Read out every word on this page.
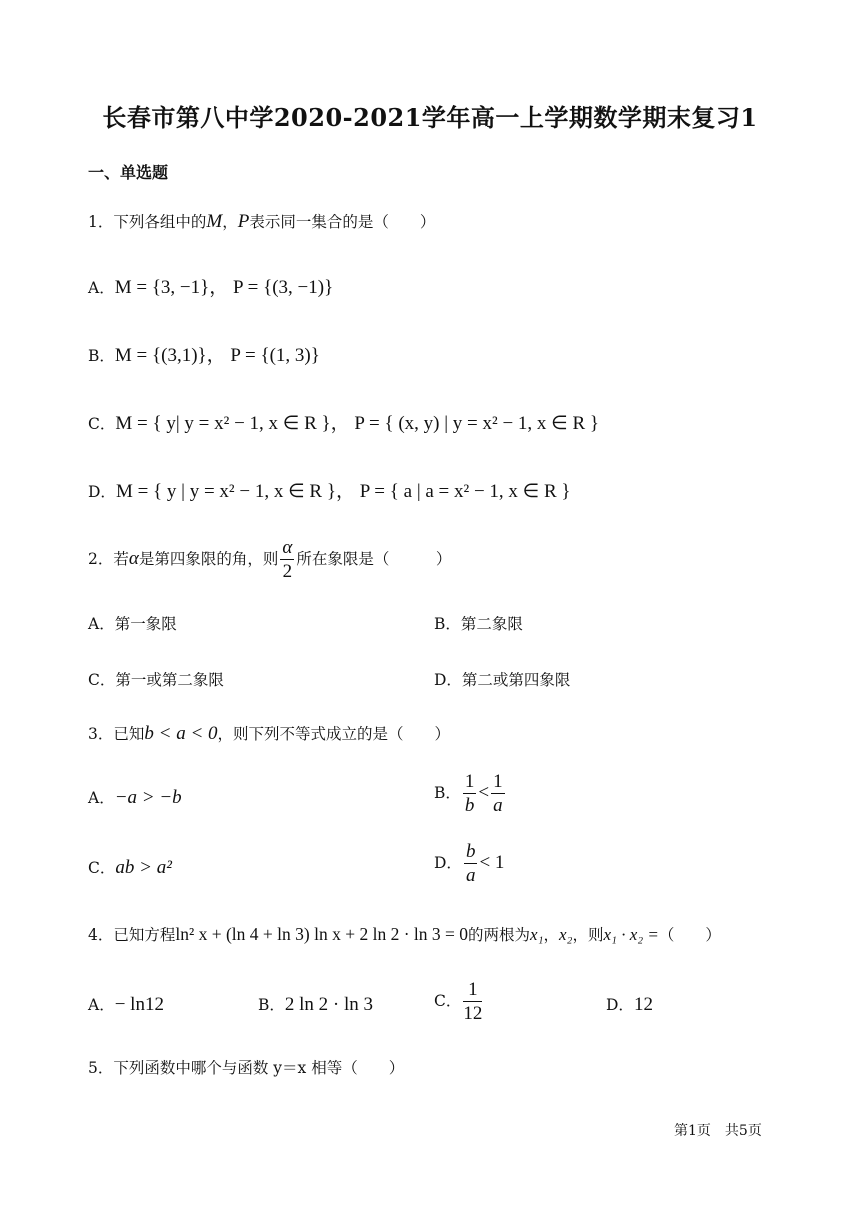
长春市第八中学2020-2021学年高一上学期数学期末复习1
一、单选题
1．下列各组中的M，P表示同一集合的是（　　）
A．M = {3, −1}， P = {(3, −1)}
B．M = {(3,1)}， P = {(1, 3)}
C．M = { y| y = x² − 1, x ∈ R }， P = { (x, y) | y = x² − 1, x ∈ R }
D．M = { y | y = x² − 1, x ∈ R }， P = { a | a = x² − 1, x ∈ R }
2．若α是第四象限的角，则 $\frac{\alpha}{2}$ 所在象限是（　　　）
A．第一象限	B．第二象限
C．第一或第二象限	D．第二或第四象限
3．已知b < a < 0，则下列不等式成立的是（　　）
A．−a > −b	B． $\frac{1}{b} < \frac{1}{a}$
C．ab > a²	D． $\frac{b}{a} < 1$
4．已知方程ln² x + (ln 4 + ln 3) ln x + 2 ln 2 · ln 3 = 0的两根为x₁，x₂，则x₁ · x₂ =（　　）
A．− ln12	B．2 ln 2 · ln 3	C． $\frac{1}{12}$	D．12
5．下列函数中哪个与函数 y＝x 相等（　　）
第1页　共5页
